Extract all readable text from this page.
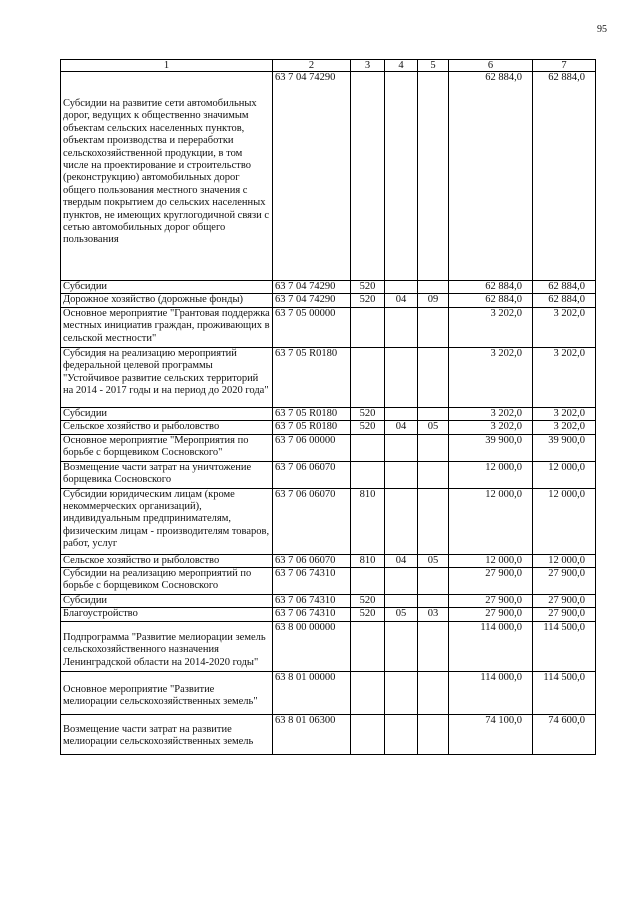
95
1	2	3	4	5	6	7
Субсидии на развитие сети автомобильных дорог, ведущих к общественно значимым объектам сельских населенных пунктов, объектам производства и переработки сельскохозяйственной продукции, в том числе на проектирование и строительство (реконструкцию) автомобильных дорог общего пользования местного значения с твердым покрытием до сельских населенных пунктов, не имеющих круглогодичной связи с сетью автомобильных дорог общего пользования	63 7 04 74290				62 884,0	62 884,0
Субсидии	63 7 04 74290	520			62 884,0	62 884,0
Дорожное хозяйство (дорожные фонды)	63 7 04 74290	520	04	09	62 884,0	62 884,0
Основное мероприятие "Грантовая поддержка местных инициатив граждан, проживающих в сельской местности"	63 7 05 00000				3 202,0	3 202,0
Субсидия на реализацию мероприятий федеральной целевой программы "Устойчивое развитие сельских территорий на 2014 - 2017 годы и на период до 2020 года"	63 7 05 R0180				3 202,0	3 202,0
Субсидии	63 7 05 R0180	520			3 202,0	3 202,0
Сельское хозяйство и рыболовство	63 7 05 R0180	520	04	05	3 202,0	3 202,0
Основное мероприятие "Мероприятия по борьбе с борщевиком Сосновского"	63 7 06 00000				39 900,0	39 900,0
Возмещение части затрат на уничтожение борщевика Сосновского	63 7 06 06070				12 000,0	12 000,0
Субсидии юридическим лицам (кроме некоммерческих организаций), индивидуальным предпринимателям, физическим лицам - производителям товаров, работ, услуг	63 7 06 06070	810			12 000,0	12 000,0
Сельское хозяйство и рыболовство	63 7 06 06070	810	04	05	12 000,0	12 000,0
Субсидии на реализацию мероприятий по борьбе с борщевиком Сосновского	63 7 06 74310				27 900,0	27 900,0
Субсидии	63 7 06 74310	520			27 900,0	27 900,0
Благоустройство	63 7 06 74310	520	05	03	27 900,0	27 900,0
Подпрограмма "Развитие мелиорации земель сельскохозяйственного назначения Ленинградской области на 2014-2020 годы"	63 8 00 00000				114 000,0	114 500,0
Основное мероприятие "Развитие мелиорации сельскохозяйственных земель"	63 8 01 00000				114 000,0	114 500,0
Возмещение части затрат на развитие мелиорации сельскохозяйственных земель	63 8 01 06300				74 100,0	74 600,0
